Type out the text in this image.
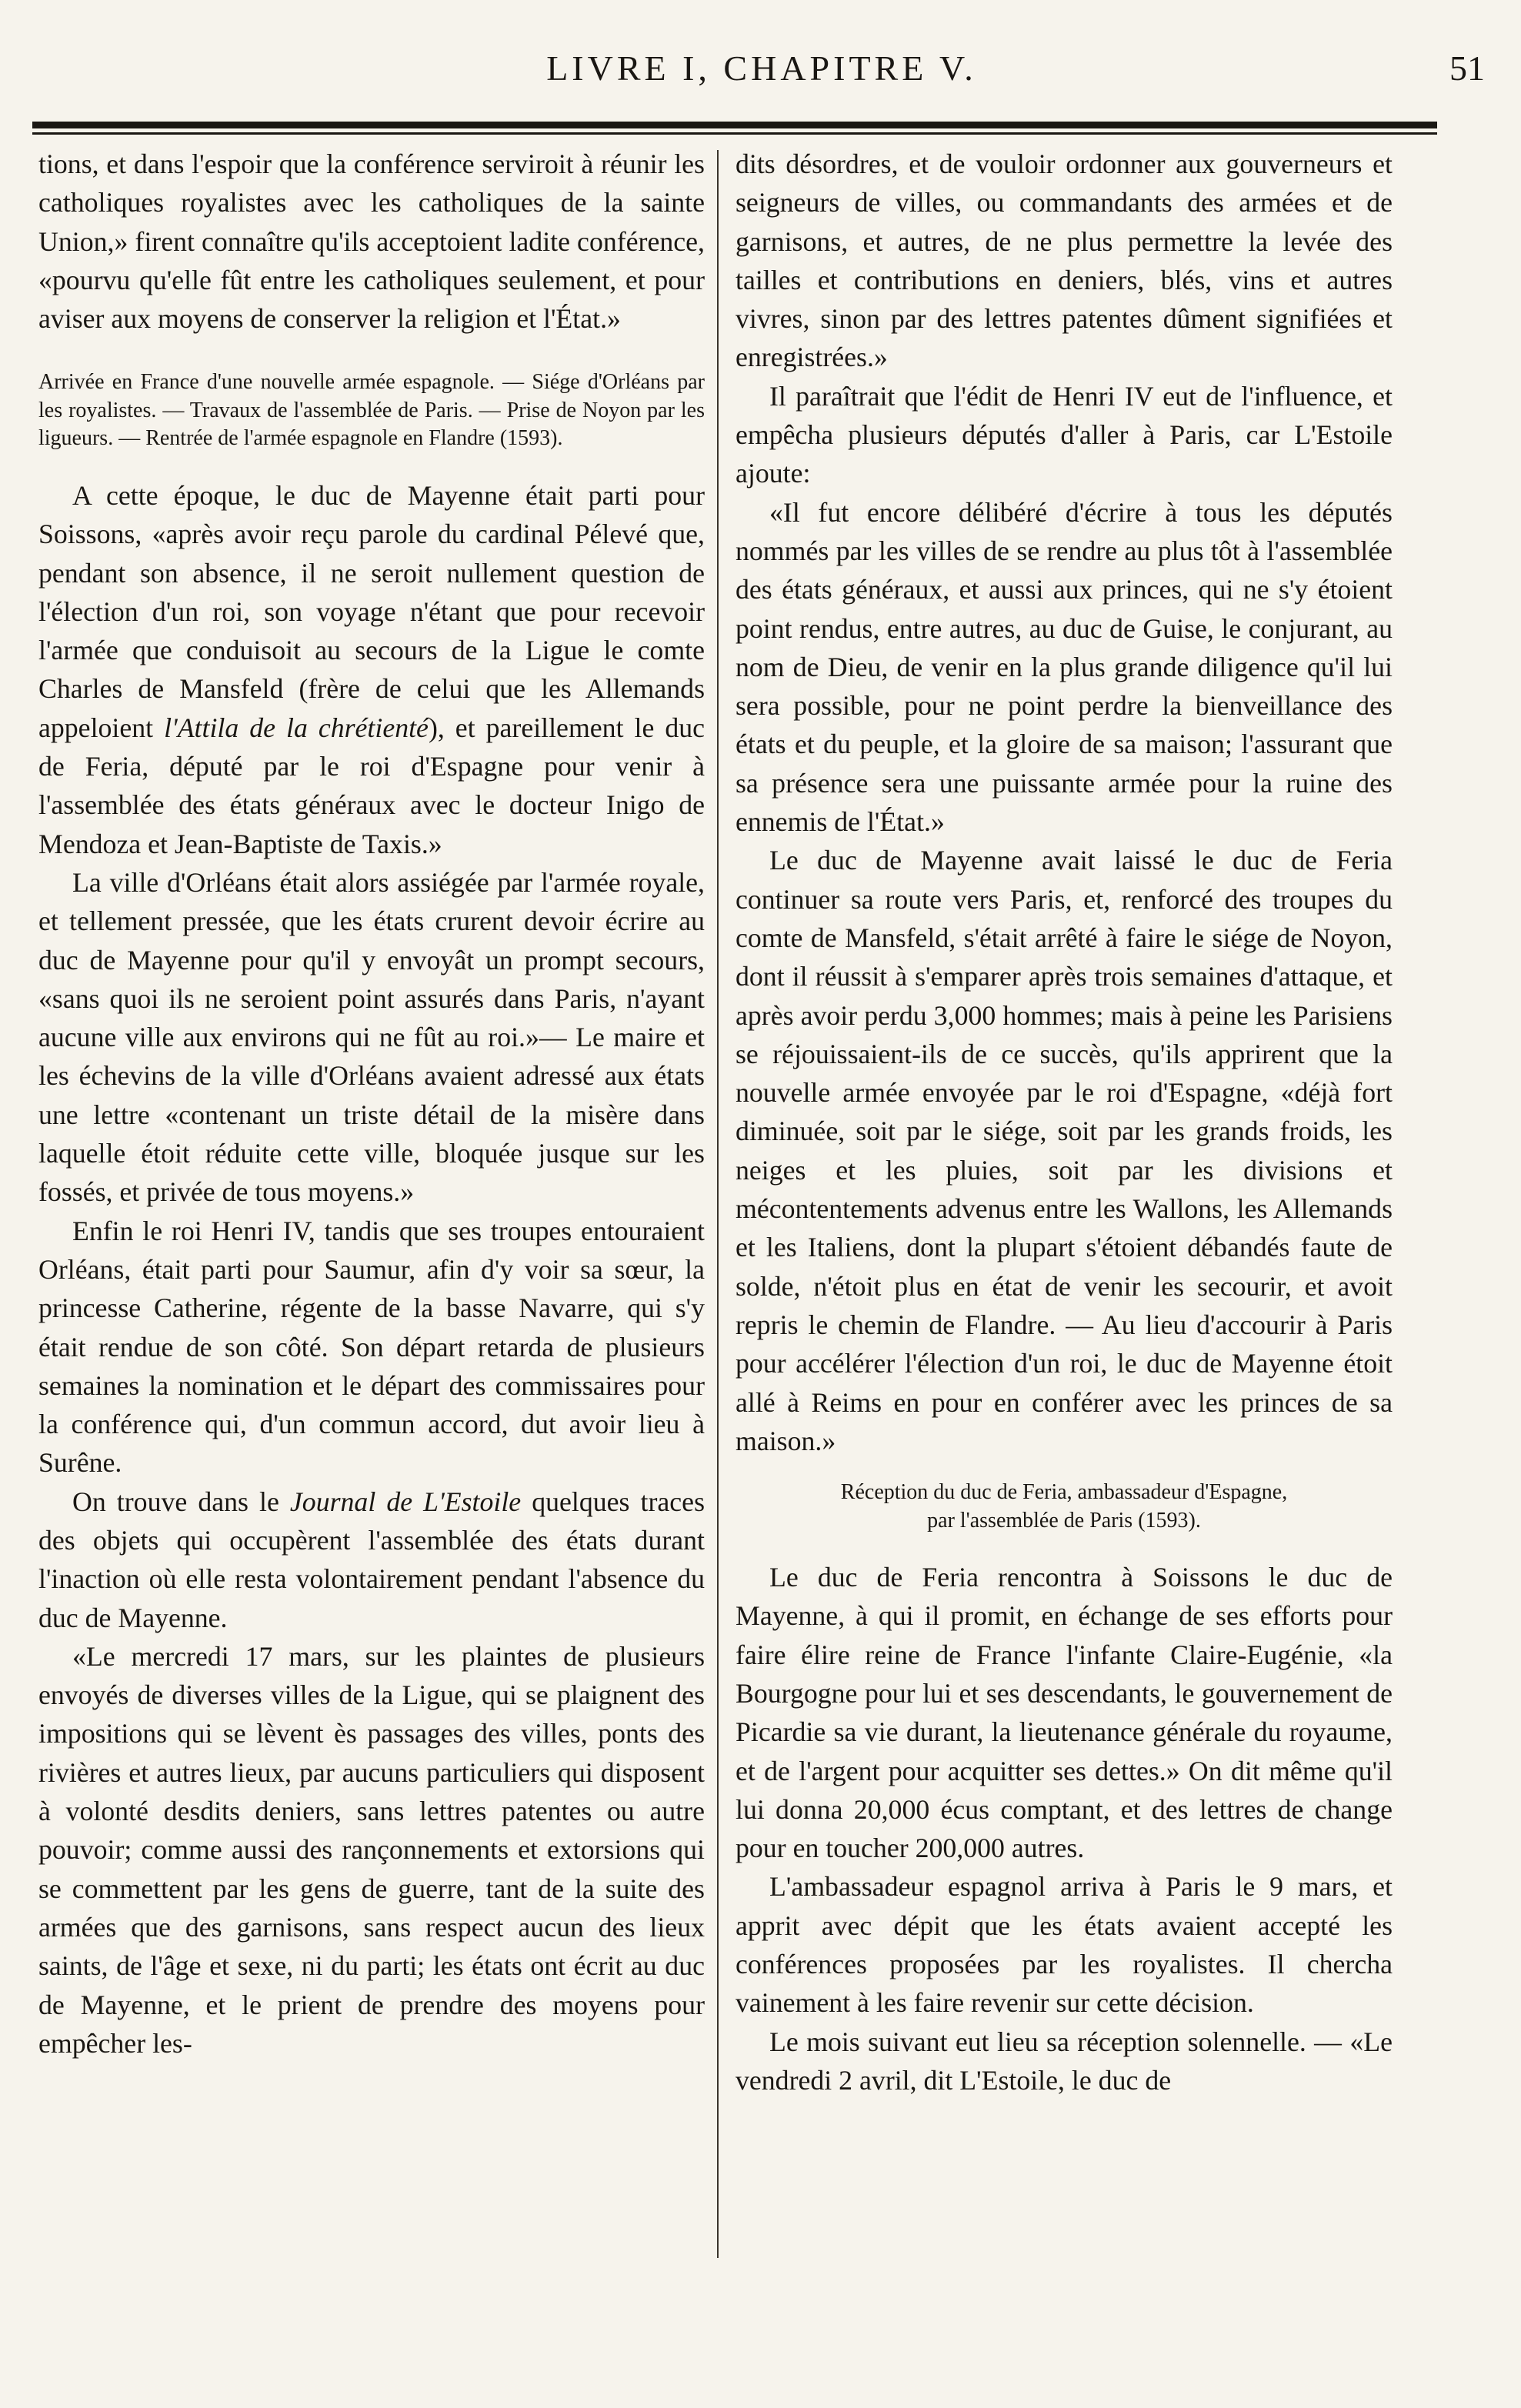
LIVRE I, CHAPITRE V.	51

tions, et dans l'espoir que la conférence serviroit à réunir les catholiques royalistes avec les catholiques de la sainte Union,» firent connaître qu'ils acceptoient ladite conférence, «pourvu qu'elle fût entre les catholiques seulement, et pour aviser aux moyens de conserver la religion et l'État.»

Arrivée en France d'une nouvelle armée espagnole. — Siége d'Orléans par les royalistes. — Travaux de l'assemblée de Paris. — Prise de Noyon par les ligueurs. — Rentrée de l'armée espagnole en Flandre (1593).

A cette époque, le duc de Mayenne était parti pour Soissons, «après avoir reçu parole du cardinal Pélevé que, pendant son absence, il ne seroit nullement question de l'élection d'un roi, son voyage n'étant que pour recevoir l'armée que conduisoit au secours de la Ligue le comte Charles de Mansfeld (frère de celui que les Allemands appeloient l'Attila de la chrétienté), et pareillement le duc de Feria, député par le roi d'Espagne pour venir à l'assemblée des états généraux avec le docteur Inigo de Mendoza et Jean-Baptiste de Taxis.»

La ville d'Orléans était alors assiégée par l'armée royale, et tellement pressée, que les états crurent devoir écrire au duc de Mayenne pour qu'il y envoyât un prompt secours, «sans quoi ils ne seroient point assurés dans Paris, n'ayant aucune ville aux environs qui ne fût au roi.»— Le maire et les échevins de la ville d'Orléans avaient adressé aux états une lettre «contenant un triste détail de la misère dans laquelle étoit réduite cette ville, bloquée jusque sur les fossés, et privée de tous moyens.»

Enfin le roi Henri IV, tandis que ses troupes entouraient Orléans, était parti pour Saumur, afin d'y voir sa sœur, la princesse Catherine, régente de la basse Navarre, qui s'y était rendue de son côté. Son départ retarda de plusieurs semaines la nomination et le départ des commissaires pour la conférence qui, d'un commun accord, dut avoir lieu à Surêne.

On trouve dans le Journal de L'Estoile quelques traces des objets qui occupèrent l'assemblée des états durant l'inaction où elle resta volontairement pendant l'absence du duc de Mayenne.

«Le mercredi 17 mars, sur les plaintes de plusieurs envoyés de diverses villes de la Ligue, qui se plaignent des impositions qui se lèvent ès passages des villes, ponts des rivières et autres lieux, par aucuns particuliers qui disposent à volonté desdits deniers, sans lettres patentes ou autre pouvoir; comme aussi des rançonnements et extorsions qui se commettent par les gens de guerre, tant de la suite des armées que des garnisons, sans respect aucun des lieux saints, de l'âge et sexe, ni du parti; les états ont écrit au duc de Mayenne, et le prient de prendre des moyens pour empêcher les-

dits désordres, et de vouloir ordonner aux gouverneurs et seigneurs de villes, ou commandants des armées et de garnisons, et autres, de ne plus permettre la levée des tailles et contributions en deniers, blés, vins et autres vivres, sinon par des lettres patentes dûment signifiées et enregistrées.»

Il paraîtrait que l'édit de Henri IV eut de l'influence, et empêcha plusieurs députés d'aller à Paris, car L'Estoile ajoute:

«Il fut encore délibéré d'écrire à tous les députés nommés par les villes de se rendre au plus tôt à l'assemblée des états généraux, et aussi aux princes, qui ne s'y étoient point rendus, entre autres, au duc de Guise, le conjurant, au nom de Dieu, de venir en la plus grande diligence qu'il lui sera possible, pour ne point perdre la bienveillance des états et du peuple, et la gloire de sa maison; l'assurant que sa présence sera une puissante armée pour la ruine des ennemis de l'État.»

Le duc de Mayenne avait laissé le duc de Feria continuer sa route vers Paris, et, renforcé des troupes du comte de Mansfeld, s'était arrêté à faire le siége de Noyon, dont il réussit à s'emparer après trois semaines d'attaque, et après avoir perdu 3,000 hommes; mais à peine les Parisiens se réjouissaient-ils de ce succès, qu'ils apprirent que la nouvelle armée envoyée par le roi d'Espagne, «déjà fort diminuée, soit par le siége, soit par les grands froids, les neiges et les pluies, soit par les divisions et mécontentements advenus entre les Wallons, les Allemands et les Italiens, dont la plupart s'étoient débandés faute de solde, n'étoit plus en état de venir les secourir, et avoit repris le chemin de Flandre. — Au lieu d'accourir à Paris pour accélérer l'élection d'un roi, le duc de Mayenne étoit allé à Reims en pour en conférer avec les princes de sa maison.»

Réception du duc de Feria, ambassadeur d'Espagne,
par l'assemblée de Paris (1593).

Le duc de Feria rencontra à Soissons le duc de Mayenne, à qui il promit, en échange de ses efforts pour faire élire reine de France l'infante Claire-Eugénie, «la Bourgogne pour lui et ses descendants, le gouvernement de Picardie sa vie durant, la lieutenance générale du royaume, et de l'argent pour acquitter ses dettes.» On dit même qu'il lui donna 20,000 écus comptant, et des lettres de change pour en toucher 200,000 autres.

L'ambassadeur espagnol arriva à Paris le 9 mars, et apprit avec dépit que les états avaient accepté les conférences proposées par les royalistes. Il chercha vainement à les faire revenir sur cette décision.

Le mois suivant eut lieu sa réception solennelle. — «Le vendredi 2 avril, dit L'Estoile, le duc de
